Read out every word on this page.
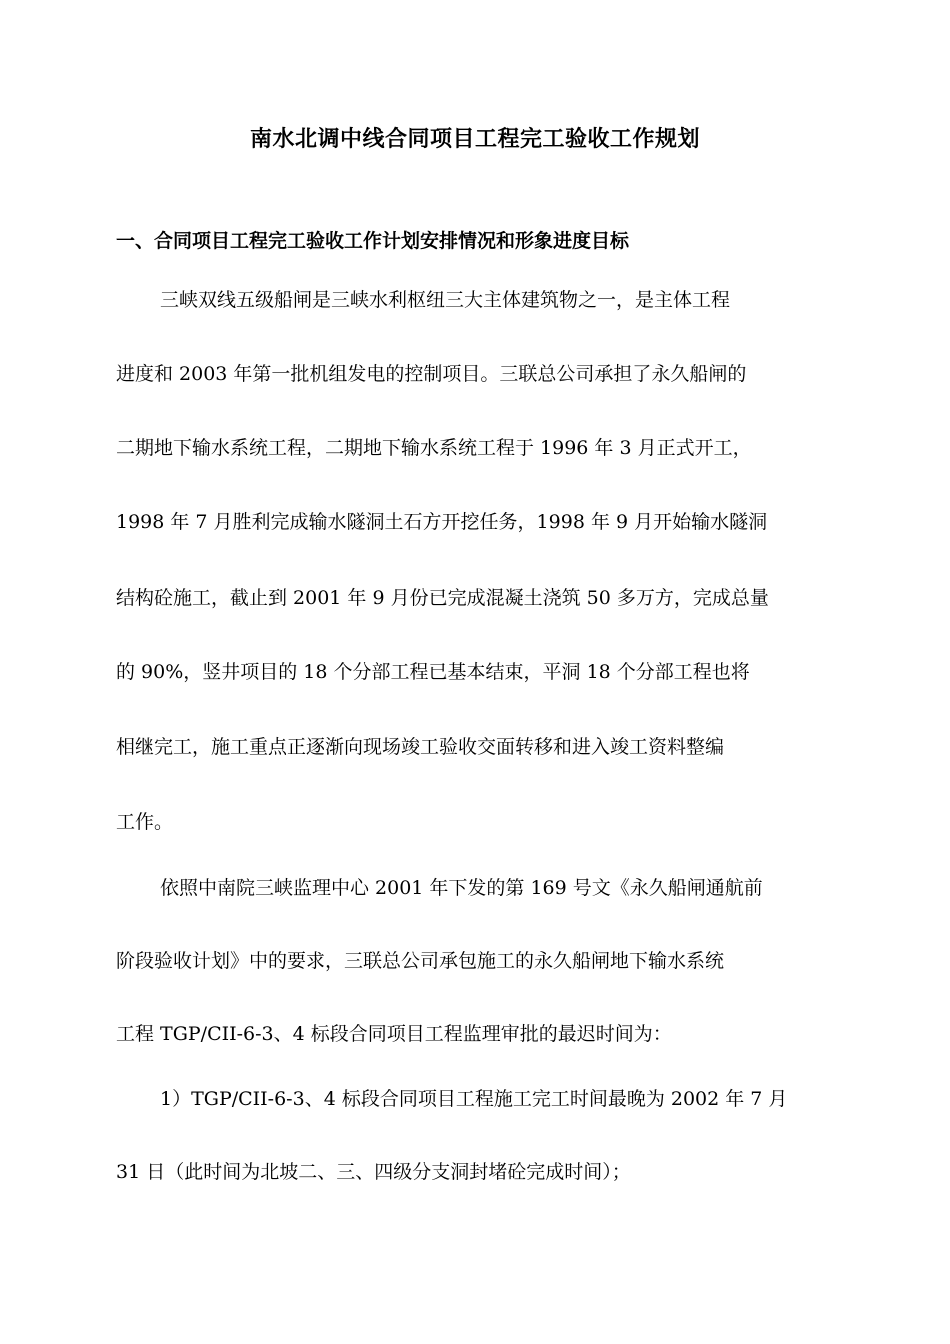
南水北调中线合同项目工程完工验收工作规划
一、合同项目工程完工验收工作计划安排情况和形象进度目标

三峡双线五级船闸是三峡水利枢纽三大主体建筑物之一，是主体工程

进度和 2003 年第一批机组发电的控制项目。三联总公司承担了永久船闸的

二期地下输水系统工程，二期地下输水系统工程于 1996 年 3 月正式开工，

1998 年 7 月胜利完成输水隧洞土石方开挖任务，1998 年 9 月开始输水隧洞

结构砼施工，截止到 2001 年 9 月份已完成混凝土浇筑 50 多万方，完成总量

的 90%，竖井项目的 18 个分部工程已基本结束，平洞 18 个分部工程也将

相继完工，施工重点正逐渐向现场竣工验收交面转移和进入竣工资料整编

工作。

依照中南院三峡监理中心 2001 年下发的第 169 号文《永久船闸通航前

阶段验收计划》中的要求，三联总公司承包施工的永久船闸地下输水系统

工程 TGP/CII-6-3、4 标段合同项目工程监理审批的最迟时间为：

1）TGP/CII-6-3、4 标段合同项目工程施工完工时间最晚为 2002 年 7 月

31 日（此时间为北坡二、三、四级分支洞封堵砼完成时间）；
